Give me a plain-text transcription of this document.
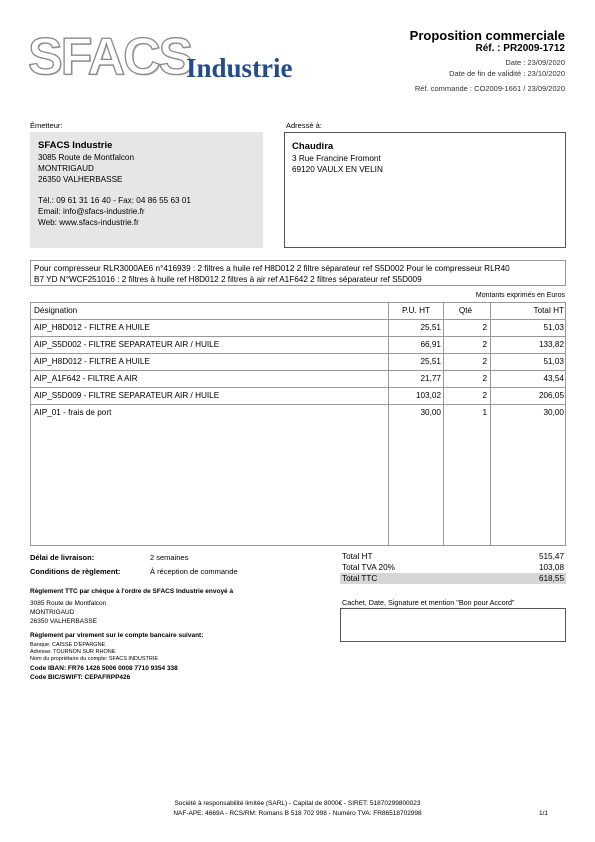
SFACS
Industrie
Proposition commerciale
Réf. : PR2009-1712
Date : 23/09/2020
Date de fin de validité : 23/10/2020
Réf. commande : CO2009-1661 / 23/09/2020
Émetteur:	Adressé à:
SFACS Industrie
3085 Route de Montfalcon
MONTRIGAUD
26350 VALHERBASSE
Tél.: 09 61 31 16 40 - Fax: 04 86 55 63 01
Email: info@sfacs-industrie.fr
Web: www.sfacs-industrie.fr
Chaudira
3 Rue Francine Fromont
69120 VAULX EN VELIN
Pour compresseur RLR3000AE6 n°416939 : 2 filtres a huile ref H8D012 2 filtre séparateur ref S5D002 Pour le compresseur RLR40
B7 YD N°WCF251016 : 2 filtres à huile ref H8D012 2 filtres à air ref A1F642 2 filtres séparateur ref S5D009
Montants exprimés en Euros
Désignation	P.U. HT	Qté	Total HT
AIP_H8D012 - FILTRE A HUILE	25,51	2	51,03
AIP_S5D002 - FILTRE SEPARATEUR AIR / HUILE	66,91	2	133,82
AIP_H8D012 - FILTRE A HUILE	25,51	2	51,03
AIP_A1F642 - FILTRE A AIR	21,77	2	43,54
AIP_S5D009 - FILTRE SEPARATEUR AIR / HUILE	103,02	2	206,05
AIP_01 - frais de port	30,00	1	30,00
Délai de livraison:	2 semaines
Conditions de règlement:	À réception de commande
Règlement TTC par chèque à l'ordre de SFACS Industrie envoyé à
3085 Route de Montfalcon
MONTRIGAUD
26350 VALHERBASSE
Règlement par virement sur le compte bancaire suivant:
Banque: CAISSE D'EPARGNE
Adresse: TOURNON SUR RHONE
Nom du propriétaire du compte: SFACS INDUSTRIE
Code IBAN: FR76 1426 5006 0008 7710 9354 338
Code BIC/SWIFT: CEPAFRPP426
Total HT	515,47
Total TVA 20%	103,08
Total TTC	618,55
Cachet, Date, Signature et mention "Bon pour Accord"
Société à responsabilité limitée (SARL) - Capital de 8000€ - SIRET: 51870299800023
NAF-APE: 4669A - RCS/RM: Romans B 518 702 998 - Numéro TVA: FR86518702998	1/1
